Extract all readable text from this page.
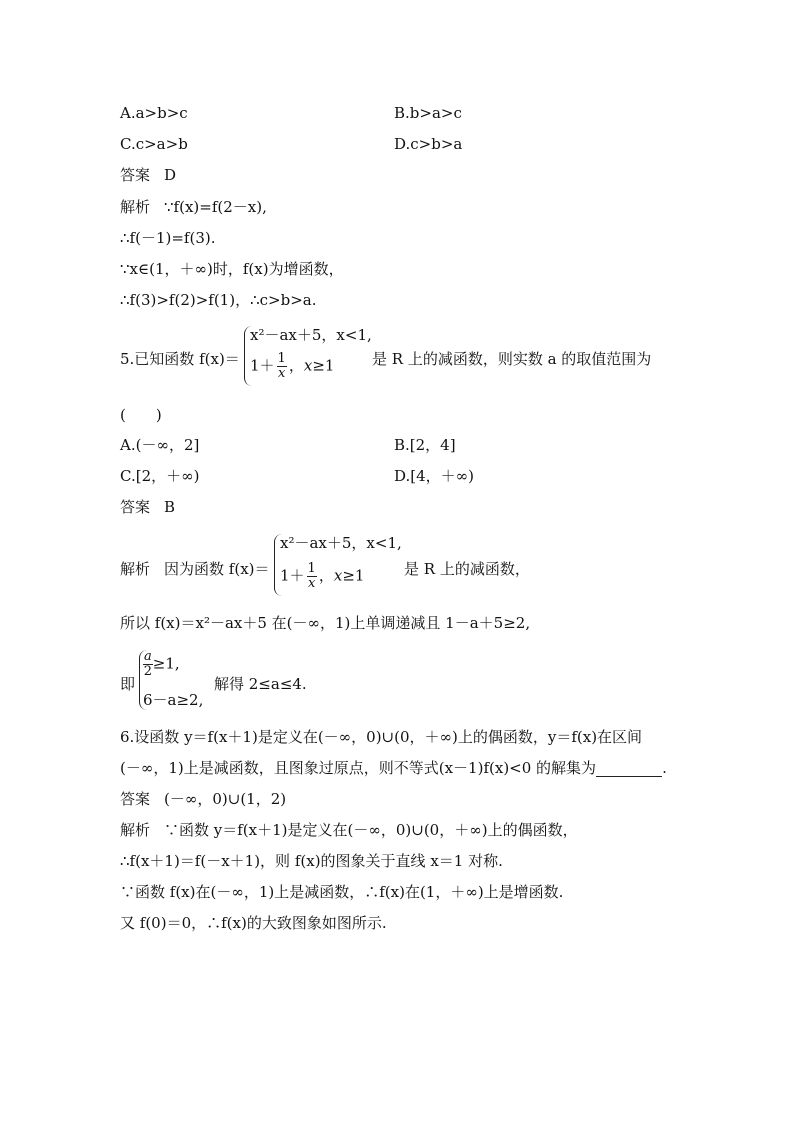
A.a>b>c	B.b>a>c
C.c>a>b	D.c>b>a
答案 D
解析 ∵f(x)=f(2－x),
∴f(－1)=f(3).
∵x∈(1，＋∞)时，f(x)为增函数，
∴f(3)>f(2)>f(1)，∴c>b>a.
5.已知函数 f(x)＝
x²－ax＋5，x<1,
$1+ \frac{1}{x}$ ，x≥1	是 R 上的减函数，则实数 a 的取值范围为
(　　)
A.(－∞，2]	B.[2，4]
C.[2，＋∞)	D.[4，＋∞)
答案 B
解析 因为函数 f(x)＝
x²－ax＋5，x<1,
$1+ \frac{1}{x}$ ，x≥1	是 R 上的减函数，
所以 f(x)＝x²－ax＋5 在(－∞，1)上单调递减且 1－a＋5≥2,
即
$\frac{a}{2} \ge 1$,
6－a≥2,
解得 2≤a≤4.
6.设函数 y＝f(x＋1)是定义在(－∞，0)∪(0，＋∞)上的偶函数，y＝f(x)在区间
(－∞，1)上是减函数，且图象过原点，则不等式(x－1)f(x)<0 的解集为	.
答案 (－∞，0)∪(1，2)
解析 ∵函数 y＝f(x＋1)是定义在(－∞，0)∪(0，＋∞)上的偶函数，
∴f(x＋1)＝f(－x＋1)，则 f(x)的图象关于直线 x＝1 对称.
∵函数 f(x)在(－∞，1)上是减函数，∴f(x)在(1，＋∞)上是增函数.
又 f(0)＝0，∴f(x)的大致图象如图所示.
